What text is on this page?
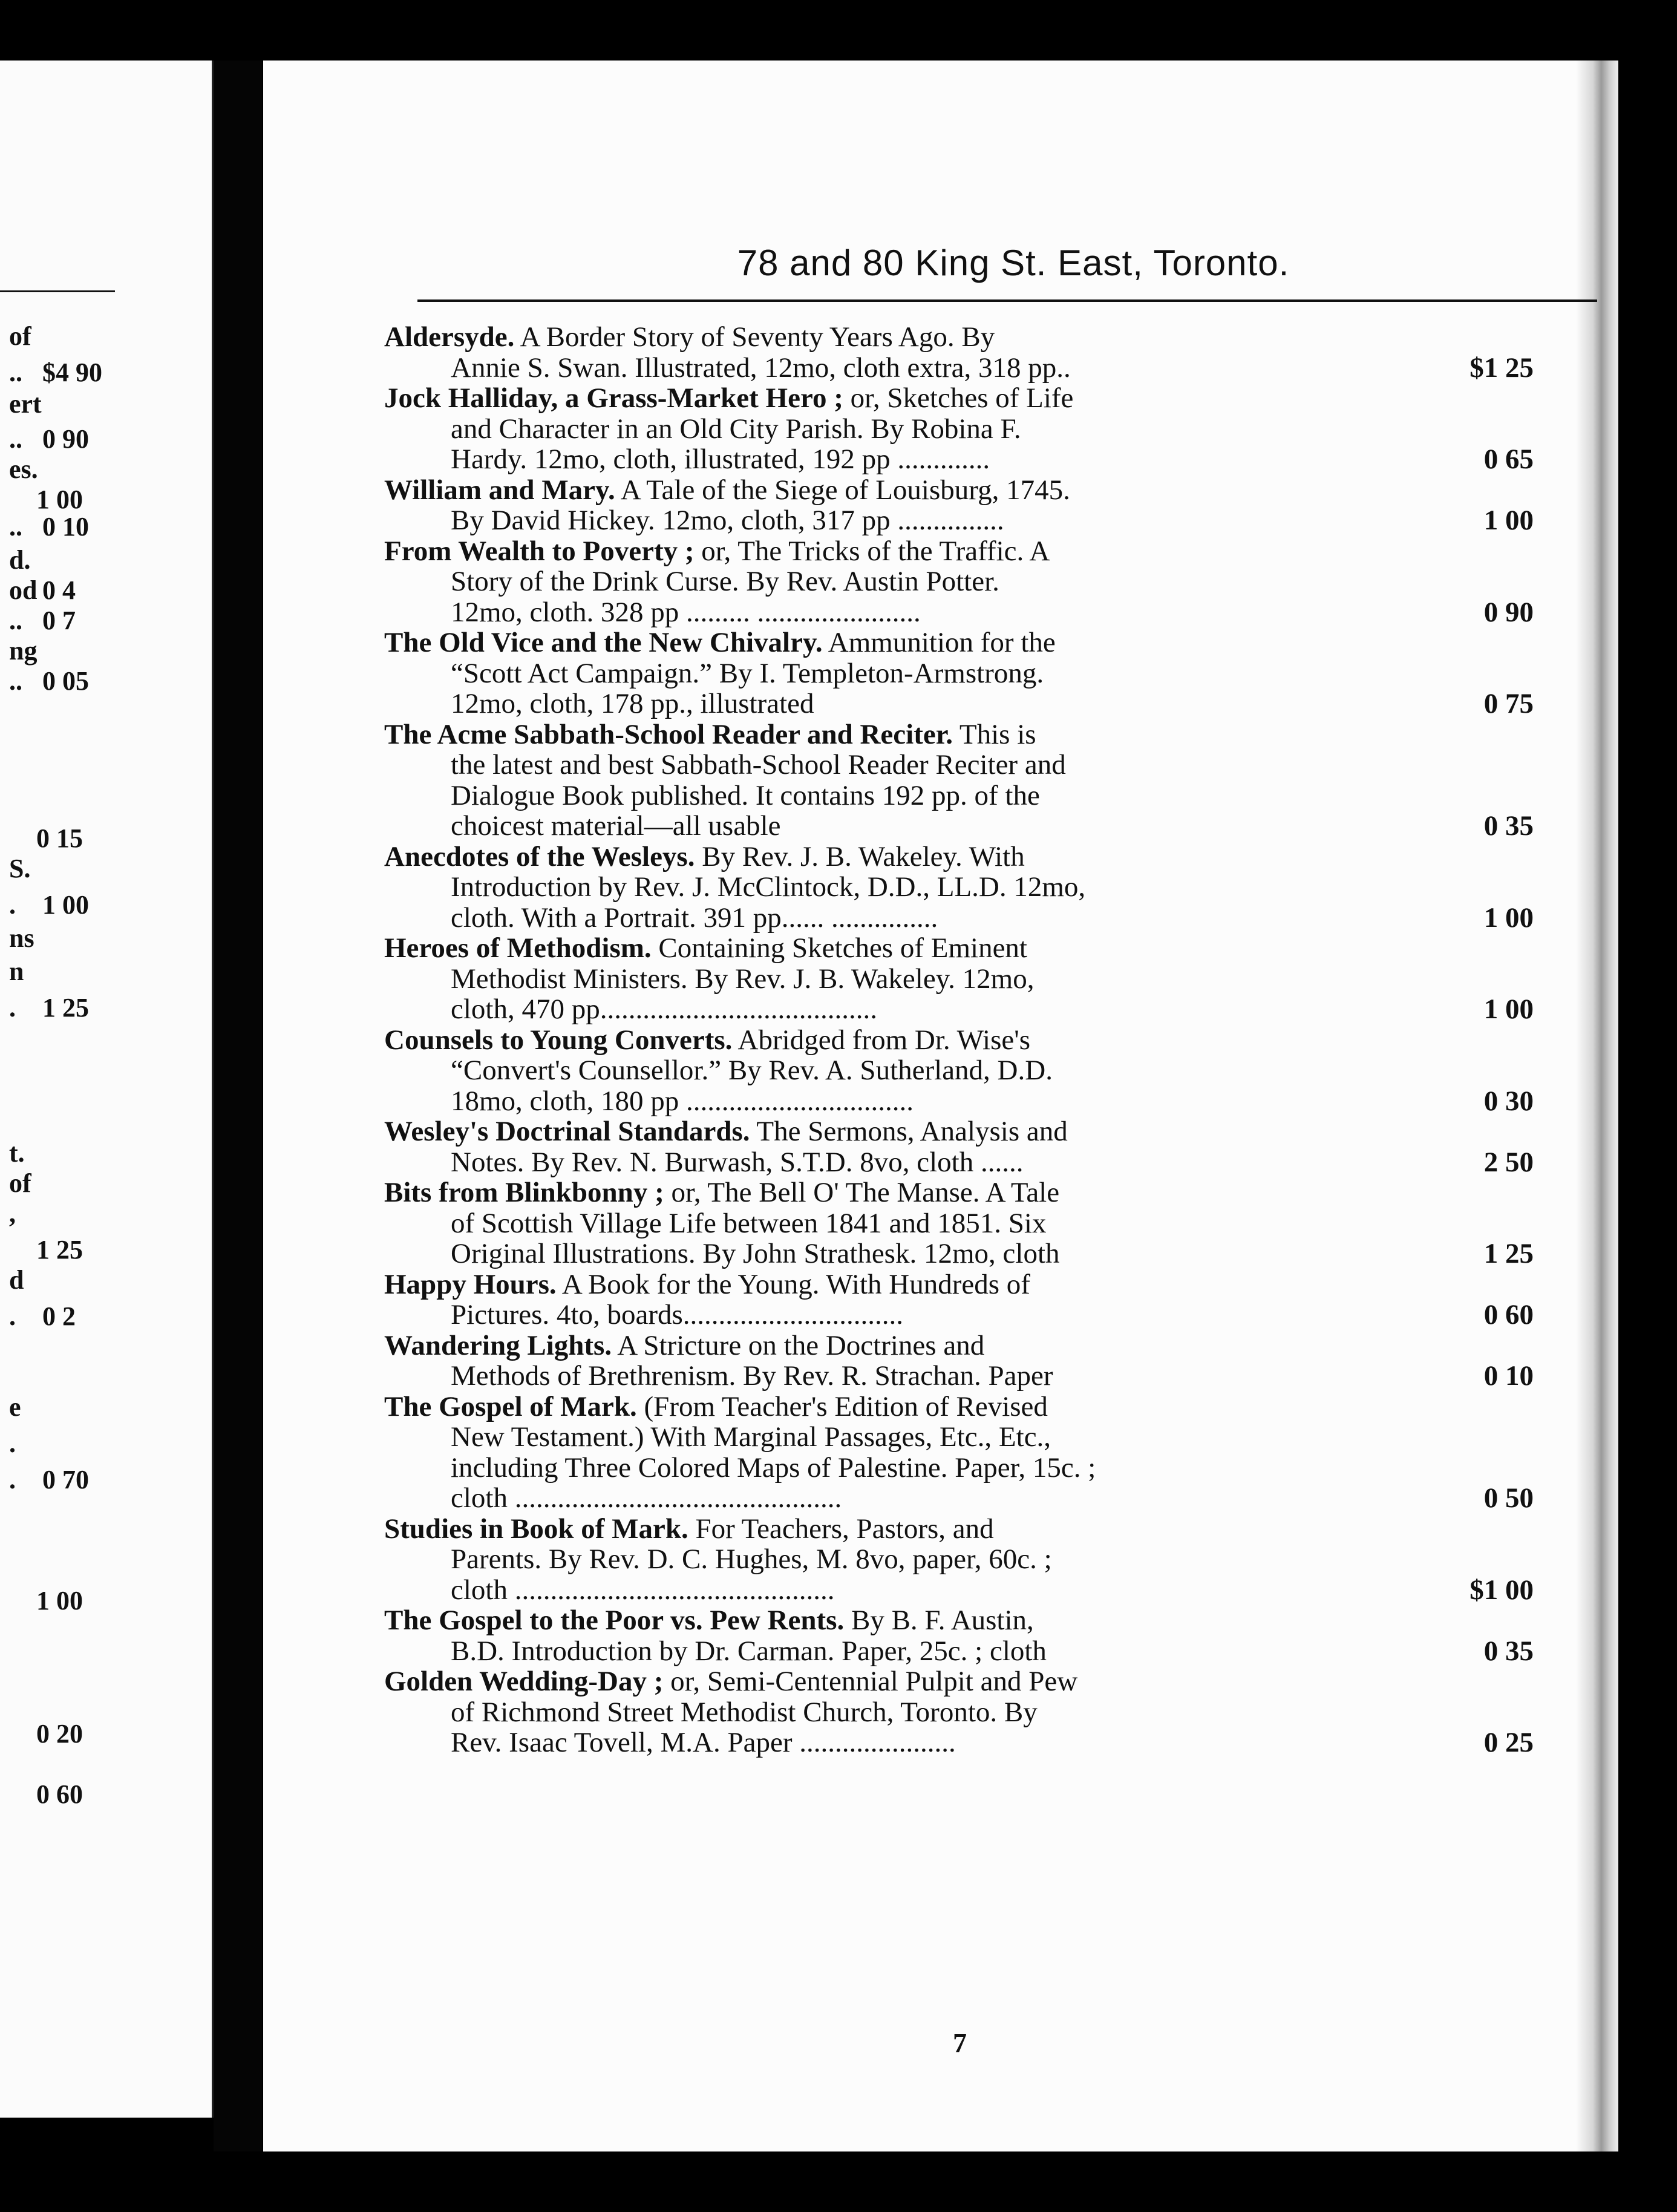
of
.. $4 90
ert
.. 0 90
es.
1 00
.. 0 10
d.
od 0 4
.. 0 7
ng
.. 0 05
0 15
S.
. 1 00
ns
n
. 1 25
t.
of
,
1 25
d
. 0 2
e
.
. 0 70
1 00
0 20
0 60
78 and 80 King St. East, Toronto.
Aldersyde. A Border Story of Seventy Years Ago. By
Annie S. Swan. Illustrated, 12mo, cloth extra, 318 pp..	$1 25
Jock Halliday, a Grass-Market Hero ; or, Sketches of Life
and Character in an Old City Parish. By Robina F.
Hardy. 12mo, cloth, illustrated, 192 pp .............	0 65
William and Mary. A Tale of the Siege of Louisburg, 1745.
By David Hickey. 12mo, cloth, 317 pp ...............	1 00
From Wealth to Poverty ; or, The Tricks of the Traffic. A
Story of the Drink Curse. By Rev. Austin Potter.
12mo, cloth. 328 pp ......... .......................	0 90
The Old Vice and the New Chivalry. Ammunition for the
“Scott Act Campaign.” By I. Templeton-Armstrong.
12mo, cloth, 178 pp., illustrated	0 75
The Acme Sabbath-School Reader and Reciter. This is
the latest and best Sabbath-School Reader Reciter and
Dialogue Book published. It contains 192 pp. of the
choicest material—all usable	0 35
Anecdotes of the Wesleys. By Rev. J. B. Wakeley. With
Introduction by Rev. J. McClintock, D.D., LL.D. 12mo,
cloth. With a Portrait. 391 pp...... ...............	1 00
Heroes of Methodism. Containing Sketches of Eminent
Methodist Ministers. By Rev. J. B. Wakeley. 12mo,
cloth, 470 pp.......................................	1 00
Counsels to Young Converts. Abridged from Dr. Wise's
“Convert's Counsellor.” By Rev. A. Sutherland, D.D.
18mo, cloth, 180 pp ................................	0 30
Wesley's Doctrinal Standards. The Sermons, Analysis and
Notes. By Rev. N. Burwash, S.T.D. 8vo, cloth ......	2 50
Bits from Blinkbonny ; or, The Bell O' The Manse. A Tale
of Scottish Village Life between 1841 and 1851. Six
Original Illustrations. By John Strathesk. 12mo, cloth	1 25
Happy Hours. A Book for the Young. With Hundreds of
Pictures. 4to, boards...............................	0 60
Wandering Lights. A Stricture on the Doctrines and
Methods of Brethrenism. By Rev. R. Strachan. Paper	0 10
The Gospel of Mark. (From Teacher's Edition of Revised
New Testament.) With Marginal Passages, Etc., Etc.,
including Three Colored Maps of Palestine. Paper, 15c. ;
cloth ..............................................	0 50
Studies in Book of Mark. For Teachers, Pastors, and
Parents. By Rev. D. C. Hughes, M. 8vo, paper, 60c. ;
cloth .............................................	$1 00
The Gospel to the Poor vs. Pew Rents. By B. F. Austin,
B.D. Introduction by Dr. Carman. Paper, 25c. ; cloth	0 35
Golden Wedding-Day ; or, Semi-Centennial Pulpit and Pew
of Richmond Street Methodist Church, Toronto. By
Rev. Isaac Tovell, M.A. Paper ......................	0 25
7
